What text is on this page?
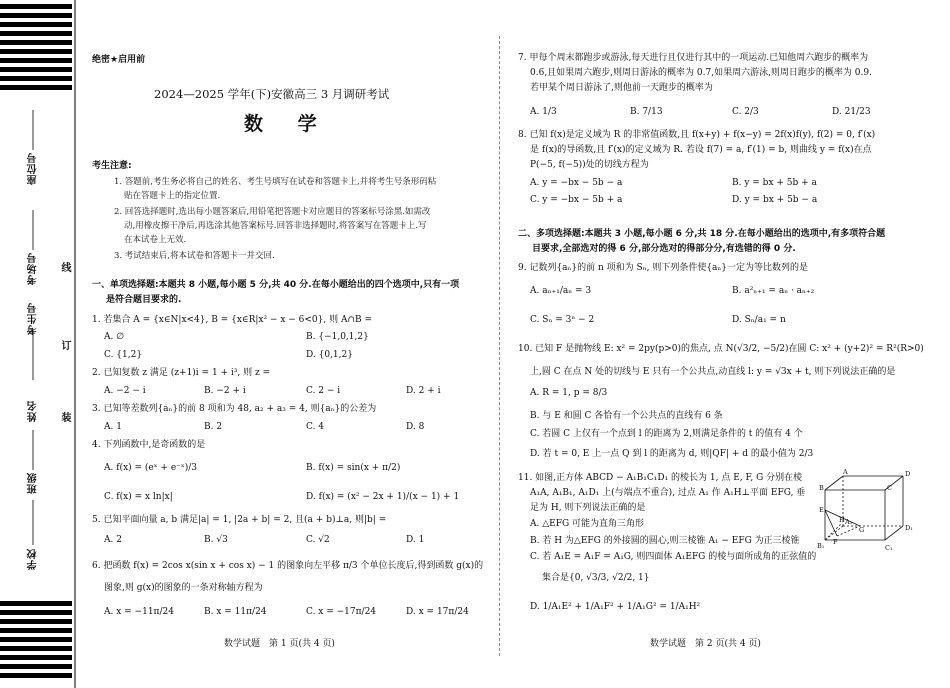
座位号
考场号
考生号
姓名
班级
学校
线
订
装
绝密★启用前
2024—2025 学年(下)安徽高三 3 月调研考试
数 学
考生注意:
1. 答题前,考生务必将自己的姓名、考生号填写在试卷和答题卡上,并将考生号条形码粘
贴在答题卡上的指定位置.
2. 回答选择题时,选出每小题答案后,用铅笔把答题卡对应题目的答案标号涂黑.如需改
动,用橡皮擦干净后,再选涂其他答案标号.回答非选择题时,将答案写在答题卡上.写
在本试卷上无效.
3. 考试结束后,将本试卷和答题卡一并交回.
一、单项选择题:本题共 8 小题,每小题 5 分,共 40 分.在每小题给出的四个选项中,只有一项
是符合题目要求的.
1. 若集合 A = {x∈N|x<4}, B = {x∈R|x² − x − 6<0}, 则 A∩B =
A. ∅	B. {−1,0,1,2}
C. {1,2}	D. {0,1,2}
2. 已知复数 z 满足 (z+1)i = 1 + i³, 则 z =
A. −2 − i	B. −2 + i	C. 2 − i	D. 2 + i
3. 已知等差数列{aₙ}的前 8 项和为 48, a₂ + a₃ = 4, 则{aₙ}的公差为
A. 1	B. 2	C. 4	D. 8
4. 下列函数中,是奇函数的是
A. f(x) = (eˣ + e⁻ˣ)/3	B. f(x) = sin(x + π/2)
C. f(x) = x ln|x|	D. f(x) = (x² − 2x + 1)/(x − 1) + 1
5. 已知平面向量 a, b 满足|a| = 1, |2a + b| = 2, 且(a + b)⊥a, 则|b| =
A. 2	B. √3	C. √2	D. 1
6. 把函数 f(x) = 2cos x(sin x + cos x) − 1 的图象向左平移 π/3 个单位长度后,得到函数 g(x)的
图象,则 g(x)的图象的一条对称轴方程为
A. x = −11π/24	B. x = 11π/24	C. x = −17π/24	D. x = 17π/24
数学试题　第 1 页(共 4 页)
7. 甲每个周末都跑步或游泳,每天进行且仅进行其中的一项运动.已知他周六跑步的概率为
0.6,且如果周六跑步,则周日游泳的概率为 0.7,如果周六游泳,则周日跑步的概率为 0.9.
若甲某个周日游泳了,则他前一天跑步的概率为
A. 1/3	B. 7/13	C. 2/3	D. 21/23
8. 已知 f(x)是定义域为 R 的非常值函数,且 f(x+y) + f(x−y) = 2f(x)f(y), f(2) = 0, f′(x)
是 f(x)的导函数,且 f′(x)的定义域为 R. 若设 f(7) = a, f′(1) = b, 则曲线 y = f(x)在点
P(−5, f(−5))处的切线方程为
A. y = −bx − 5b − a	B. y = bx + 5b + a
C. y = −bx − 5b + a	D. y = bx + 5b − a
二、多项选择题:本题共 3 小题,每小题 6 分,共 18 分.在每小题给出的选项中,有多项符合题
目要求,全部选对的得 6 分,部分选对的得部分分,有选错的得 0 分.
9. 记数列{aₙ}的前 n 项和为 Sₙ, 则下列条件使{aₙ}一定为等比数列的是
A. aₙ₊₁/aₙ = 3	B. a²ₙ₊₁ = aₙ · aₙ₊₂
C. Sₙ = 3ⁿ − 2	D. Sₙ/a₁ = n
10. 已知 F 是抛物线 E: x² = 2py(p>0)的焦点, 点 N(√3/2, −5/2)在圆 C: x² + (y+2)² = R²(R>0)
上,圆 C 在点 N 处的切线与 E 只有一个公共点,动直线 l: y = √3x + t, 则下列说法正确的是
A. R = 1, p = 8/3
B. 与 E 和圆 C 各恰有一个公共点的直线有 6 条
C. 若圆 C 上仅有一个点到 l 的距离为 2,则满足条件的 t 的值有 4 个
D. 若 t = 0, E 上一点 Q 到 l 的距离为 d, 则|QF| + d 的最小值为 2/3
11. 如图,正方体 ABCD − A₁B₁C₁D₁ 的棱长为 1, 点 E, F, G 分别在棱
A₁A, A₁B₁, A₁D₁ 上(与端点不重合), 过点 A₁ 作 A₁H⊥平面 EFG, 垂
足为 H, 则下列说法正确的是
A. △EFG 可能为直角三角形
B. 若 H 为△EFG 的外接圆的圆心,则三棱锥 A₁ − EFG 为正三棱锥
C. 若 A₁E = A₁F = A₁G, 则四面体 A₁EFG 的棱与面所成角的正弦值的
集合是{0, √3/3, √2/2, 1}
D. 1/A₁E² + 1/A₁F² + 1/A₁G² = 1/A₁H²
数学试题　第 2 页(共 4 页)
A
B	C
D
A₁
B₁	C₁
D₁
E
F
G
H
